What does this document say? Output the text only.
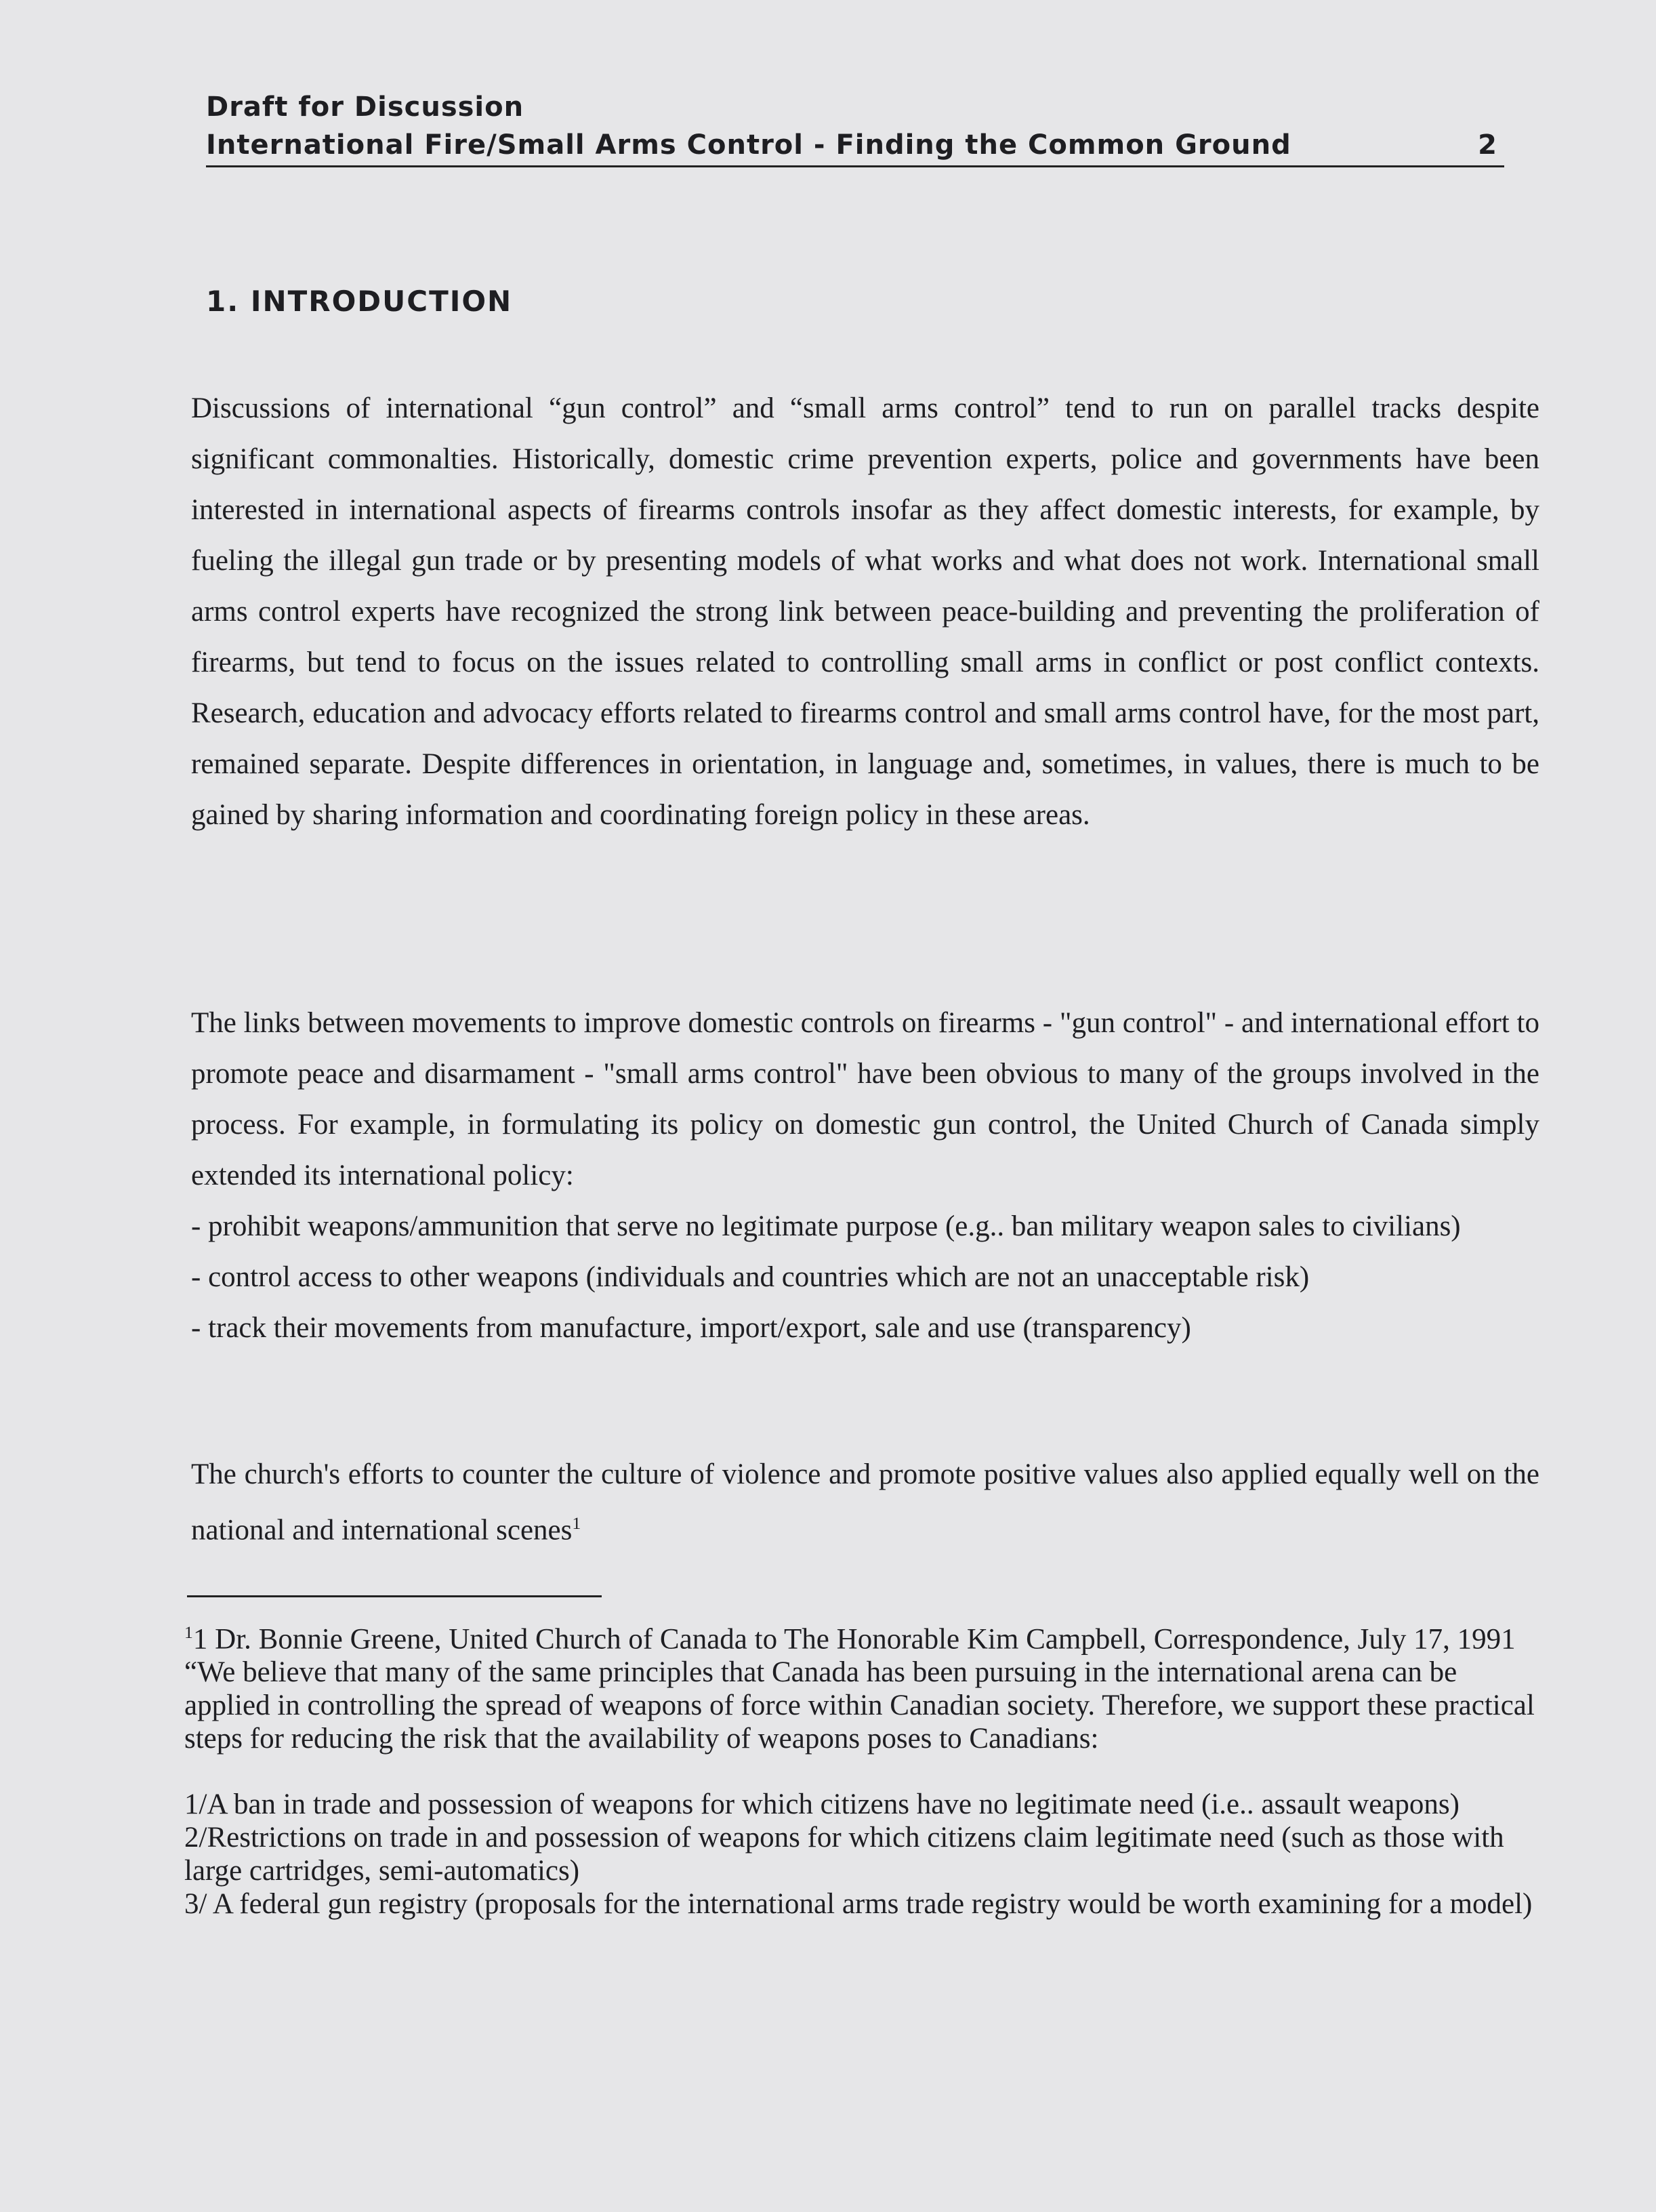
Draft for Discussion
International Fire/Small Arms Control - Finding the Common Ground	2
1. INTRODUCTION
Discussions of international “gun control” and “small arms control” tend to run on parallel tracks despite significant commonalties. Historically, domestic crime prevention experts, police and governments have been interested in international aspects of firearms controls insofar as they affect domestic interests, for example, by fueling the illegal gun trade or by presenting models of what works and what does not work. International small arms control experts have recognized the strong link between peace-building and preventing the proliferation of firearms, but tend to focus on the issues related to controlling small arms in conflict or post conflict contexts. Research, education and advocacy efforts related to firearms control and small arms control have, for the most part, remained separate. Despite differences in orientation, in language and, sometimes, in values, there is much to be gained by sharing information and coordinating foreign policy in these areas.
The links between movements to improve domestic controls on firearms - "gun control" - and international effort to promote peace and disarmament - "small arms control" have been obvious to many of the groups involved in the process. For example, in formulating its policy on domestic gun control, the United Church of Canada simply extended its international policy:
- prohibit weapons/ammunition that serve no legitimate purpose (e.g.. ban military weapon sales to civilians)
- control access to other weapons (individuals and countries which are not an unacceptable risk)
- track their movements from manufacture, import/export, sale and use (transparency)
The church's efforts to counter the culture of violence and promote positive values also applied equally well on the national and international scenes$^1$

$^1$1 Dr. Bonnie Greene, United Church of Canada to The Honorable Kim Campbell, Correspondence, July 17, 1991 “We believe that many of the same principles that Canada has been pursuing in the international arena can be applied in controlling the spread of weapons of force within Canadian society. Therefore, we support these practical steps for reducing the risk that the availability of weapons poses to Canadians:

1/A ban in trade and possession of weapons for which citizens have no legitimate need (i.e.. assault weapons)

2/Restrictions on trade in and possession of weapons for which citizens claim legitimate need (such as those with large cartridges, semi-automatics)

3/ A federal gun registry (proposals for the international arms trade registry would be worth examining for a model)
